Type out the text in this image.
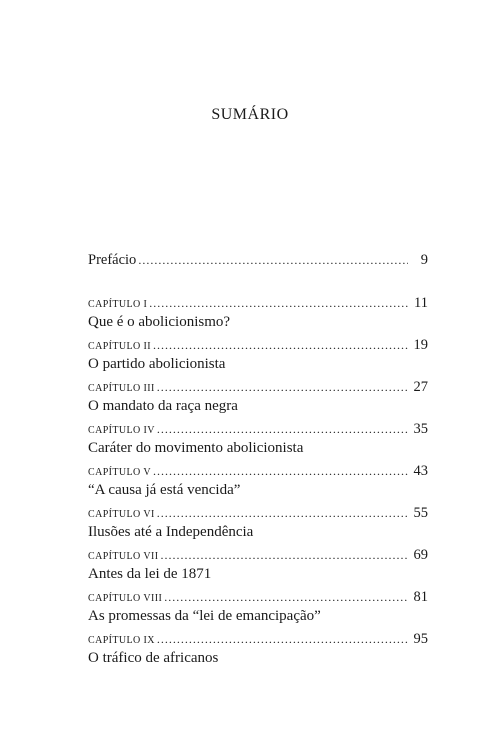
SUMÁRIO
Prefácio .....	9
CAPÍTULO I .....	11
Que é o abolicionismo?
CAPÍTULO II .....	19
O partido abolicionista
CAPÍTULO III .....	27
O mandato da raça negra
CAPÍTULO IV .....	35
Caráter do movimento abolicionista
CAPÍTULO V .....	43
“A causa já está vencida”
CAPÍTULO VI .....	55
Ilusões até a Independência
CAPÍTULO VII .....	69
Antes da lei de 1871
CAPÍTULO VIII .....	81
As promessas da “lei de emancipação”
CAPÍTULO IX .....	95
O tráfico de africanos
